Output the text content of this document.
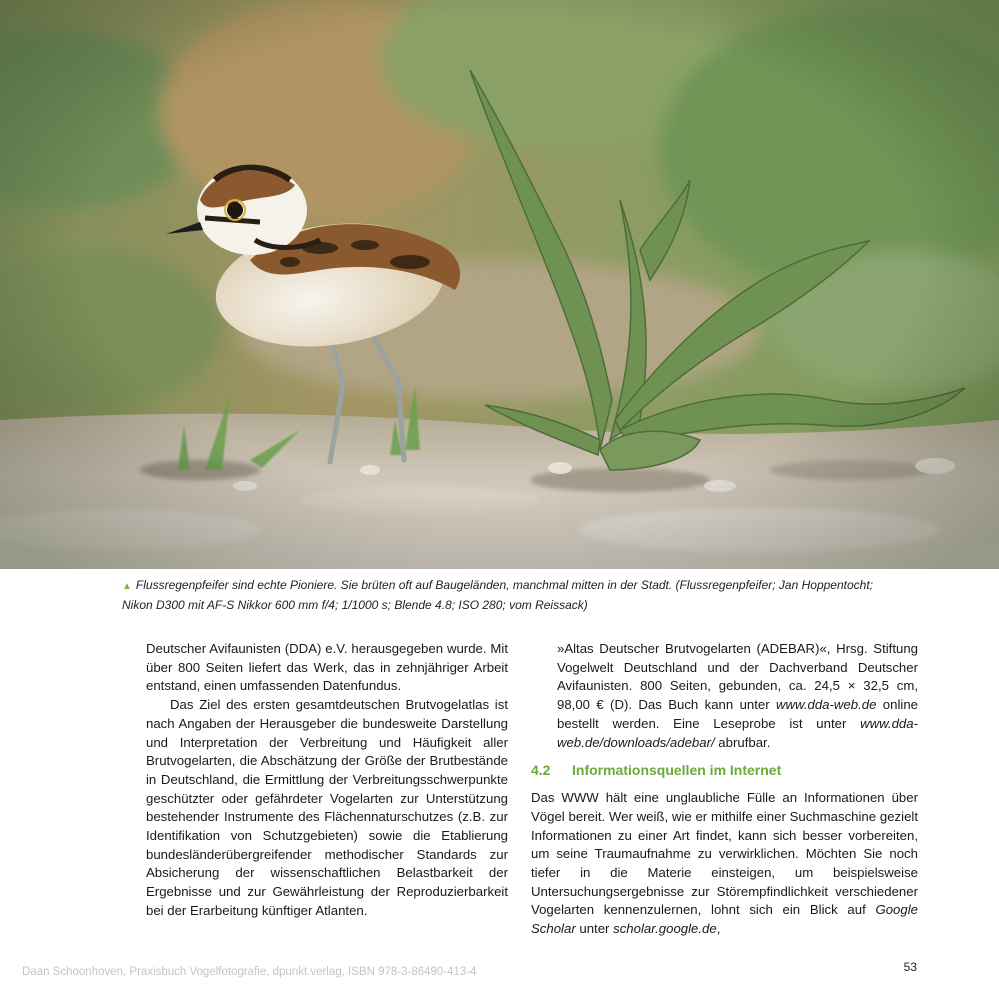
▲ Flussregenpfeifer sind echte Pioniere. Sie brüten oft auf Baugeländen, manchmal mitten in der Stadt. (Flussregenpfeifer; Jan Hoppentocht;
Nikon D300 mit AF-S Nikkor 600 mm f/4; 1/1000 s; Blende 4.8; ISO 280; vom Reissack)

Deutscher Avifaunisten (DDA) e.V. herausgegeben wurde. Mit über 800 Seiten liefert das Werk, das in zehnjähriger Arbeit entstand, einen umfassenden Datenfundus.

Das Ziel des ersten gesamtdeutschen Brutvogelatlas ist nach Angaben der Herausgeber die bundesweite Darstellung und Interpretation der Verbreitung und Häufigkeit aller Brutvogelarten, die Abschätzung der Größe der Brutbestände in Deutschland, die Ermittlung der Verbreitungsschwerpunkte geschützter oder gefährdeter Vogelarten zur Unterstützung bestehender Instrumente des Flächennaturschutzes (z.B. zur Identifikation von Schutzgebieten) sowie die Etablierung bundesländerübergreifender methodischer Standards zur Absicherung der wissenschaftlichen Belastbarkeit der Ergebnisse und zur Gewährleistung der Reproduzierbarkeit bei der Erarbeitung künftiger Atlanten.

»Altas Deutscher Brutvogelarten (ADEBAR)«, Hrsg. Stiftung Vogelwelt Deutschland und der Dachverband Deutscher Avifaunisten. 800 Seiten, gebunden, ca. 24,5 × 32,5 cm, 98,00 € (D). Das Buch kann unter www.dda-web.de online bestellt werden. Eine Leseprobe ist unter www.dda-web.de/downloads/adebar/ abrufbar.

4.2 Informationsquellen im Internet

Das WWW hält eine unglaubliche Fülle an Informationen über Vögel bereit. Wer weiß, wie er mithilfe einer Suchmaschine gezielt Informationen zu einer Art findet, kann sich besser vorbereiten, um seine Traumaufnahme zu verwirklichen. Möchten Sie noch tiefer in die Materie einsteigen, um beispielsweise Untersuchungsergebnisse zur Störempfindlichkeit verschiedener Vogelarten kennenzulernen, lohnt sich ein Blick auf Google Scholar unter scholar.google.de,

Daan Schoonhoven, Praxisbuch Vogelfotografie, dpunkt.verlag, ISBN 978-3-86490-413-4	53
